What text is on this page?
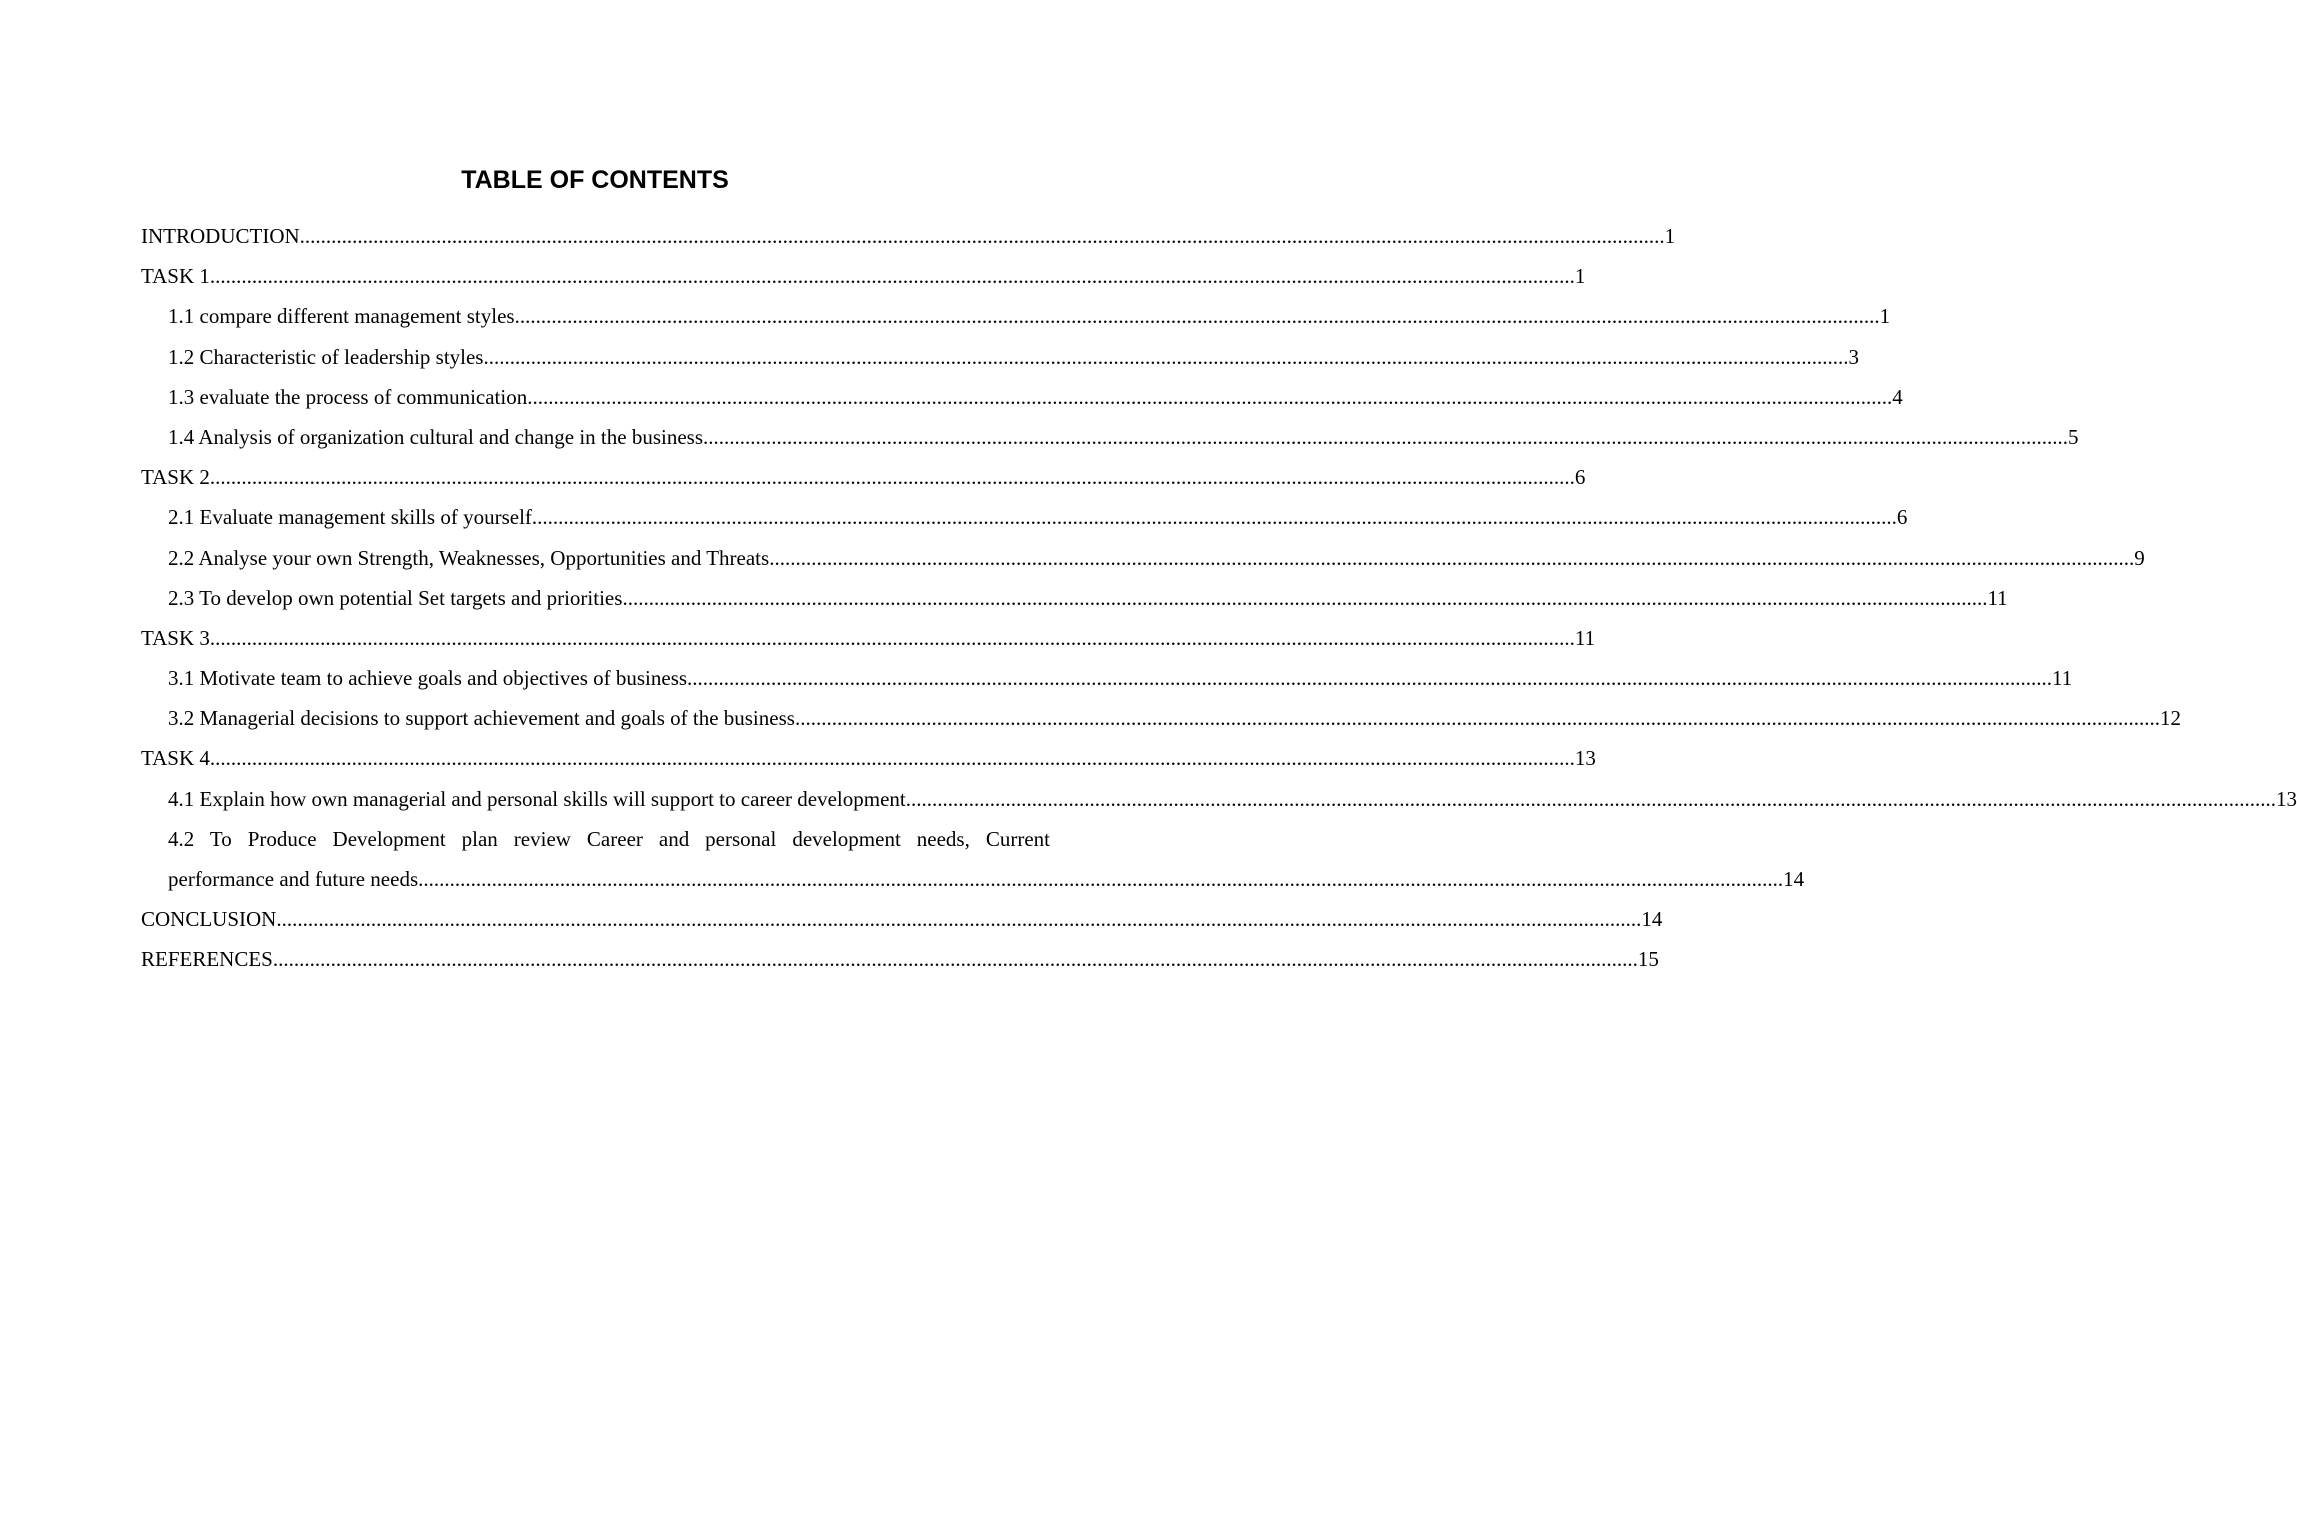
TABLE OF CONTENTS
INTRODUCTION .................................................................................................................................................................................................................................................................... 1
TASK 1 .................................................................................................................................................................................................................................................................... 1
1.1 compare different management styles .................................................................................................................................................................................................................................................................... 1
1.2 Characteristic of leadership styles .................................................................................................................................................................................................................................................................... 3
1.3 evaluate the process of communication .................................................................................................................................................................................................................................................................... 4
1.4 Analysis of organization cultural and change in the business .................................................................................................................................................................................................................................................................... 5
TASK 2 .................................................................................................................................................................................................................................................................... 6
2.1 Evaluate management skills of yourself .................................................................................................................................................................................................................................................................... 6
2.2 Analyse your own Strength, Weaknesses, Opportunities and Threats .................................................................................................................................................................................................................................................................... 9
2.3 To develop own potential Set targets and priorities .................................................................................................................................................................................................................................................................... 11
TASK 3 .................................................................................................................................................................................................................................................................... 11
3.1 Motivate team to achieve goals and objectives of business .................................................................................................................................................................................................................................................................... 11
3.2 Managerial decisions to support achievement and goals of the business .................................................................................................................................................................................................................................................................... 12
TASK 4 .................................................................................................................................................................................................................................................................... 13
4.1 Explain how own managerial and personal skills will support to career development. .................................................................................................................................................................................................................................................................... 13
4.2 To Produce Development plan review Career and personal development needs, Current
performance and future needs .................................................................................................................................................................................................................................................................... 14
CONCLUSION .................................................................................................................................................................................................................................................................... 14
REFERENCES .................................................................................................................................................................................................................................................................... 15
